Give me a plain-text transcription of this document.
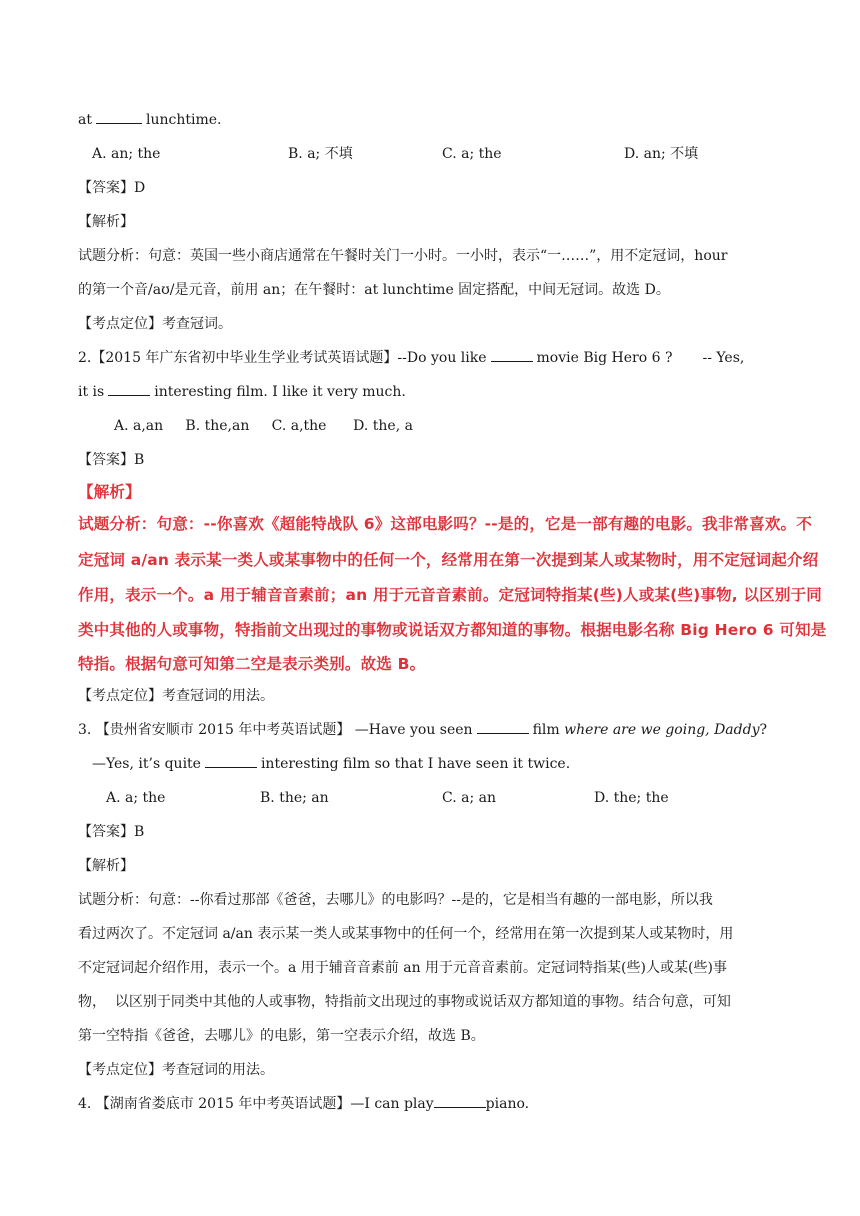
at	lunchtime.
A. an; the	B. a; 不填	C. a; the	D. an; 不填
【答案】D
【解析】
试题分析：句意：英国一些小商店通常在午餐时关门一小时。一小时，表示“一……”，用不定冠词，hour
的第一个音/aʊ/是元音，前用 an；在午餐时：at lunchtime 固定搭配，中间无冠词。故选 D。
【考点定位】考查冠词。
2.【2015 年广东省初中毕业生学业考试英语试题】--Do you like	movie Big Hero 6 ? -- Yes,
it is	interesting film. I like it very much.
A. a,an     B. the,an     C. a,the      D. the, a
【答案】B
【解析】
试题分析：句意：--你喜欢《超能特战队 6》这部电影吗？--是的，它是一部有趣的电影。我非常喜欢。不
定冠词 a/an 表示某一类人或某事物中的任何一个，经常用在第一次提到某人或某物时，用不定冠词起介绍
作用，表示一个。a 用于辅音音素前；an 用于元音音素前。定冠词特指某(些)人或某(些)事物, 以区别于同
类中其他的人或事物，特指前文出现过的事物或说话双方都知道的事物。根据电影名称 Big Hero 6 可知是
特指。根据句意可知第二空是表示类别。故选 B。
【考点定位】考查冠词的用法。
3. 【贵州省安顺市 2015 年中考英语试题】 —Have you seen	film where are we going, Daddy?
—Yes, it’s quite	interesting film so that I have seen it twice.
A. a; the	B. the; an	C. a; an	D. the; the
【答案】B
【解析】
试题分析：句意：--你看过那部《爸爸，去哪儿》的电影吗？--是的，它是相当有趣的一部电影，所以我
看过两次了。不定冠词 a/an 表示某一类人或某事物中的任何一个，经常用在第一次提到某人或某物时，用
不定冠词起介绍作用，表示一个。a 用于辅音音素前 an 用于元音音素前。定冠词特指某(些)人或某(些)事
物，  以区别于同类中其他的人或事物，特指前文出现过的事物或说话双方都知道的事物。结合句意，可知
第一空特指《爸爸，去哪儿》的电影，第一空表示介绍，故选 B。
【考点定位】考查冠词的用法。
4. 【湖南省娄底市 2015 年中考英语试题】—I can play	piano.
